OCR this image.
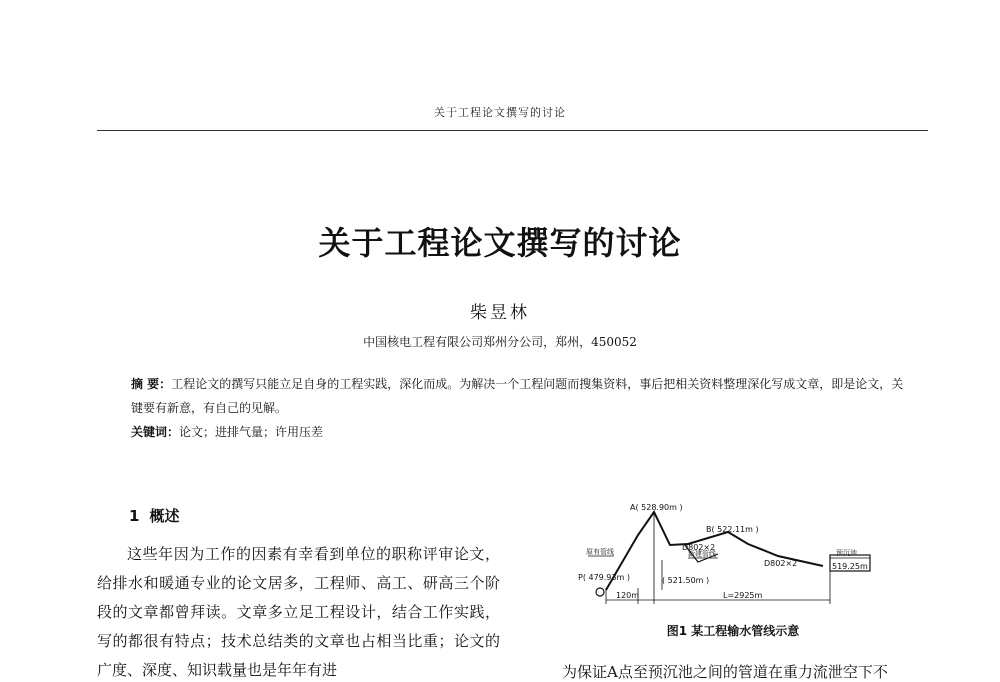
关于工程论文撰写的讨论
关于工程论文撰写的讨论
柴昱林
中国核电工程有限公司郑州分公司，郑州，450052
摘 要：工程论文的撰写只能立足自身的工程实践，深化而成。为解决一个工程问题而搜集资料，事后把相关资料整理深化写成文章，即是论文，关键要有新意，有自己的见解。
关键词：论文；进排气量；许用压差
1 概述
这些年因为工作的因素有幸看到单位的职称评审论文，给排水和暖通专业的论文居多，工程师、高工、研高三个阶段的文章都曾拜读。文章多立足工程设计，结合工作实践，写的都很有特点；技术总结类的文章也占相当比重；论文的广度、深度、知识载量也是年年有进
A( 528.90m )
B( 522.11m )
P( 479.93m )
D802×2
D802×2
( 521.50m )
原有管线	新建管线	预沉池
519.25m
120m	L=2925m
图1 某工程输水管线示意
为保证A点至预沉池之间的管道在重力流泄空下不
